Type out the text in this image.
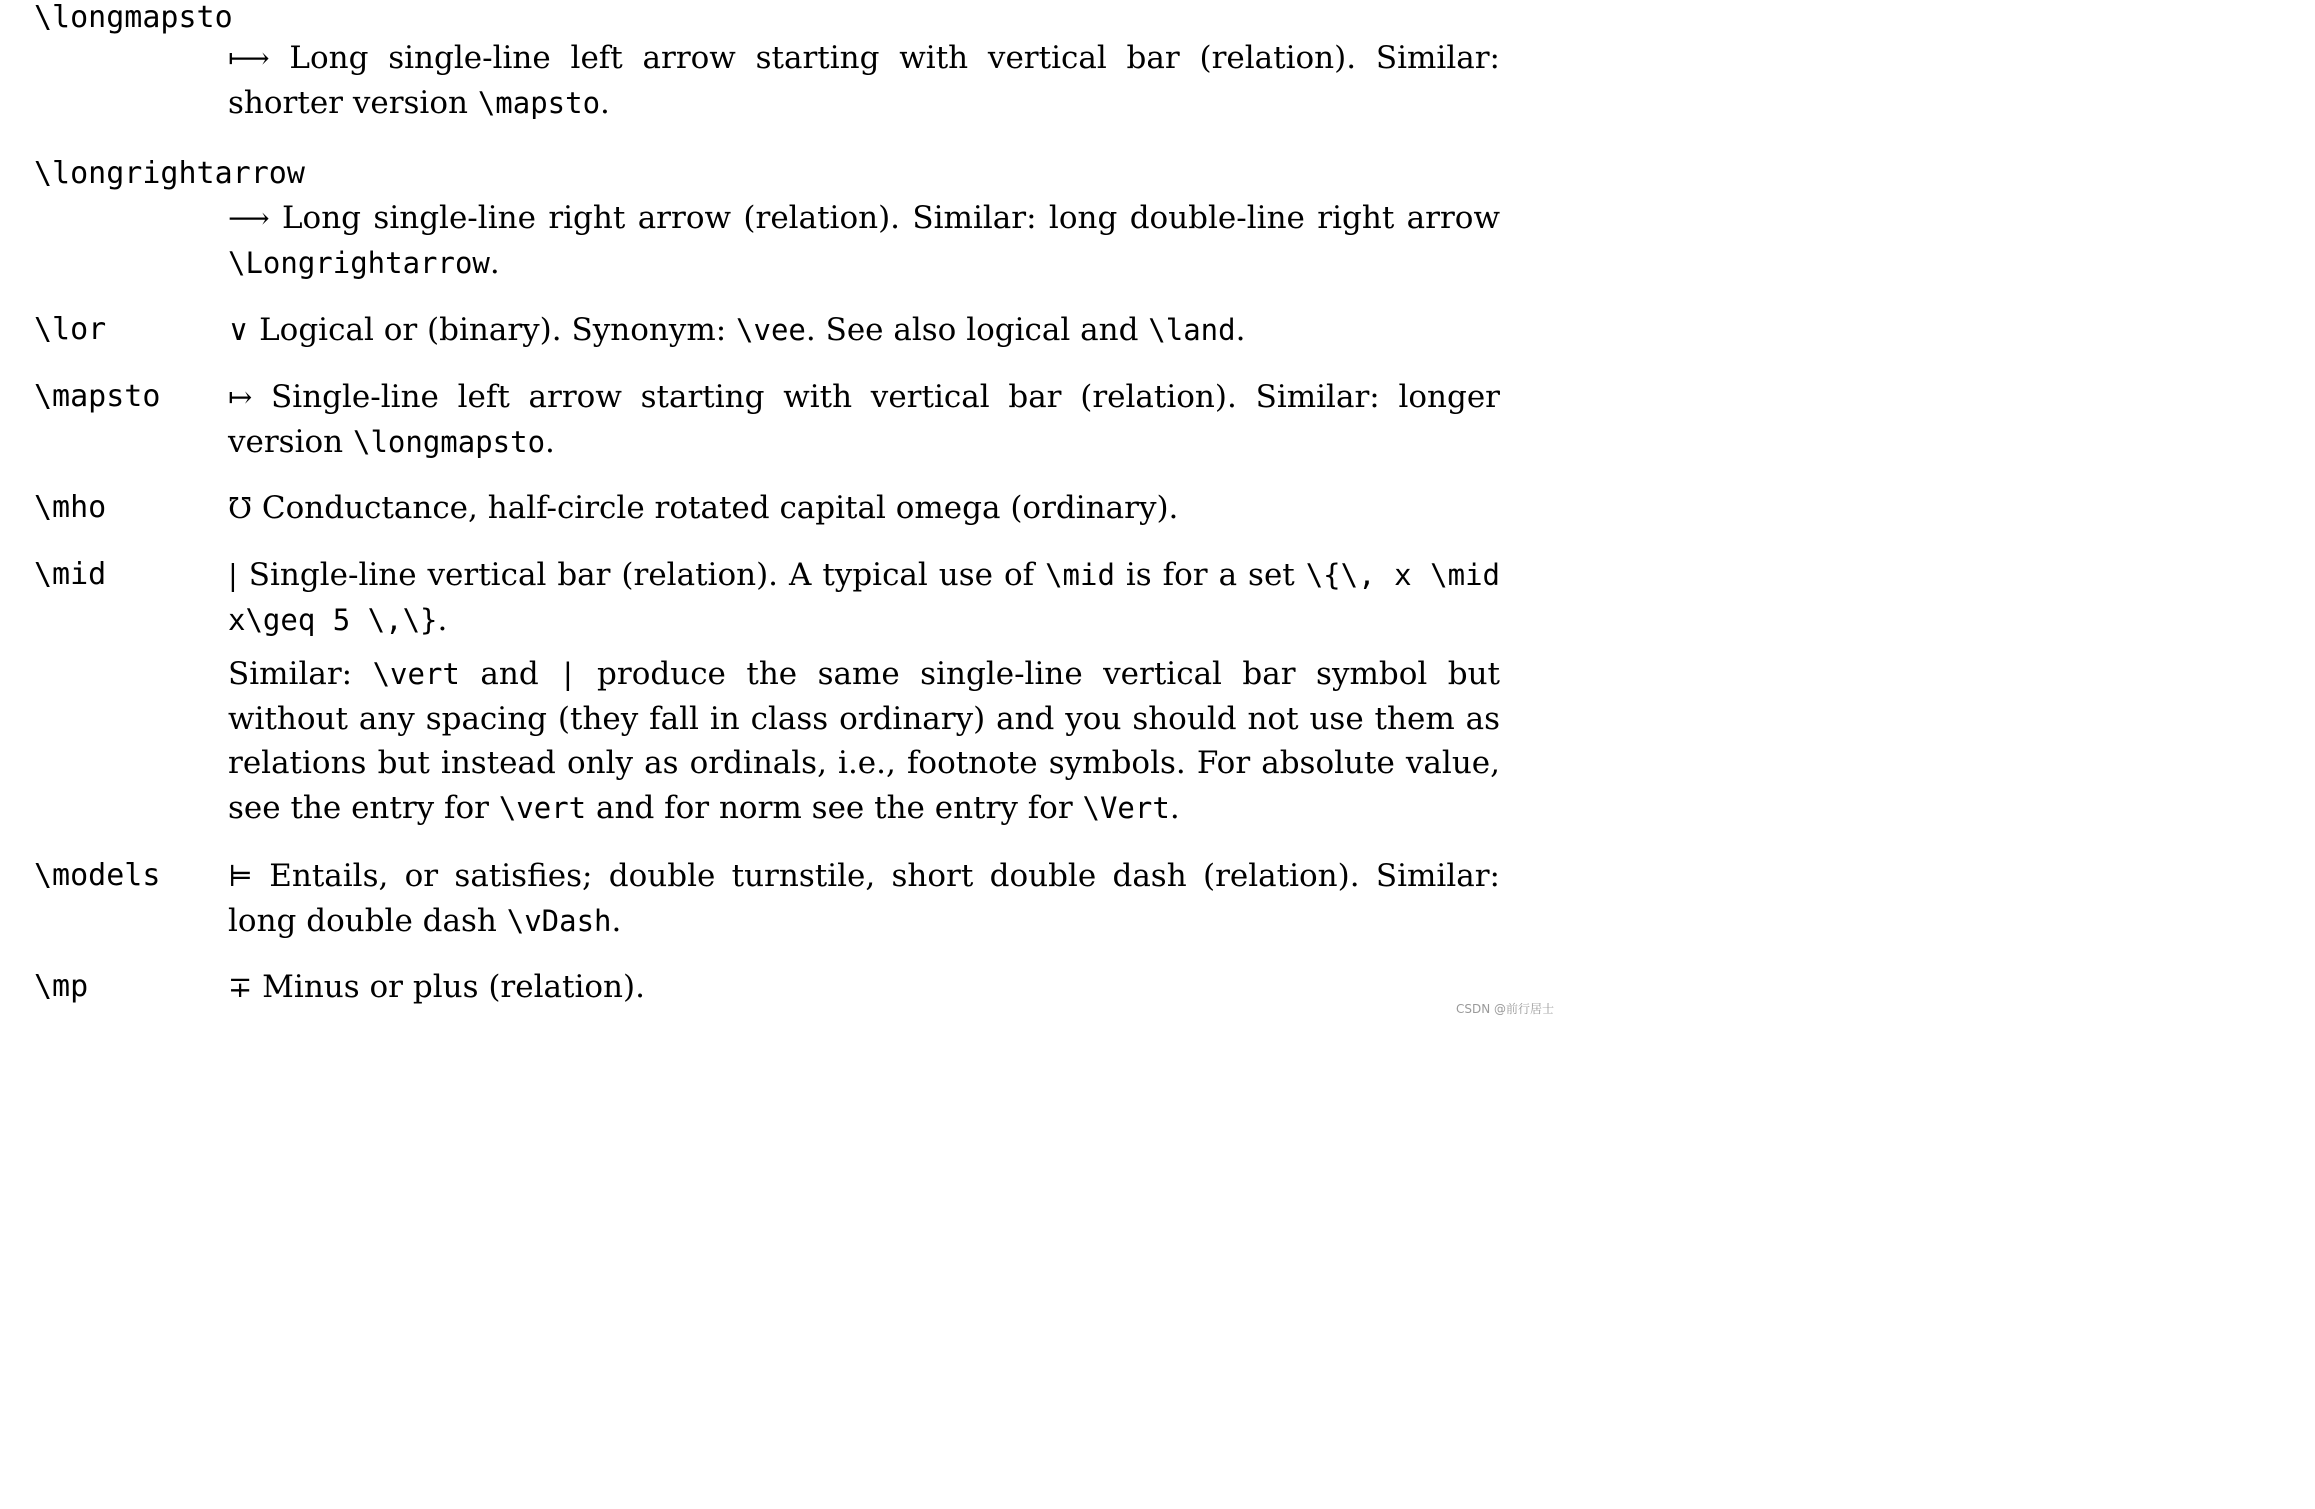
\longmapsto

⟼ Long single-line left arrow starting with vertical bar (relation). Similar: shorter version \mapsto.

\longrightarrow

⟶ Long single-line right arrow (relation). Similar: long double-line right arrow \Longrightarrow.

\lor	∨ Logical or (binary). Synonym: \vee. See also logical and \land.

\mapsto ↦ Single-line left arrow starting with vertical bar (relation). Similar: longer version \longmapsto.

\mho	℧ Conductance, half-circle rotated capital omega (ordinary).

\mid	| Single-line vertical bar (relation). A typical use of \mid is for a set \{\, x \mid x\geq 5 \,\}.

Similar: \vert and | produce the same single-line vertical bar symbol but without any spacing (they fall in class ordinary) and you should not use them as relations but instead only as ordinals, i.e., footnote symbols. For absolute value, see the entry for \vert and for norm see the entry for \Vert.

\models ⊨ Entails, or satisfies; double turnstile, short double dash (relation). Similar: long double dash \vDash.

\mp	∓ Minus or plus (relation).

CSDN @前行居士
